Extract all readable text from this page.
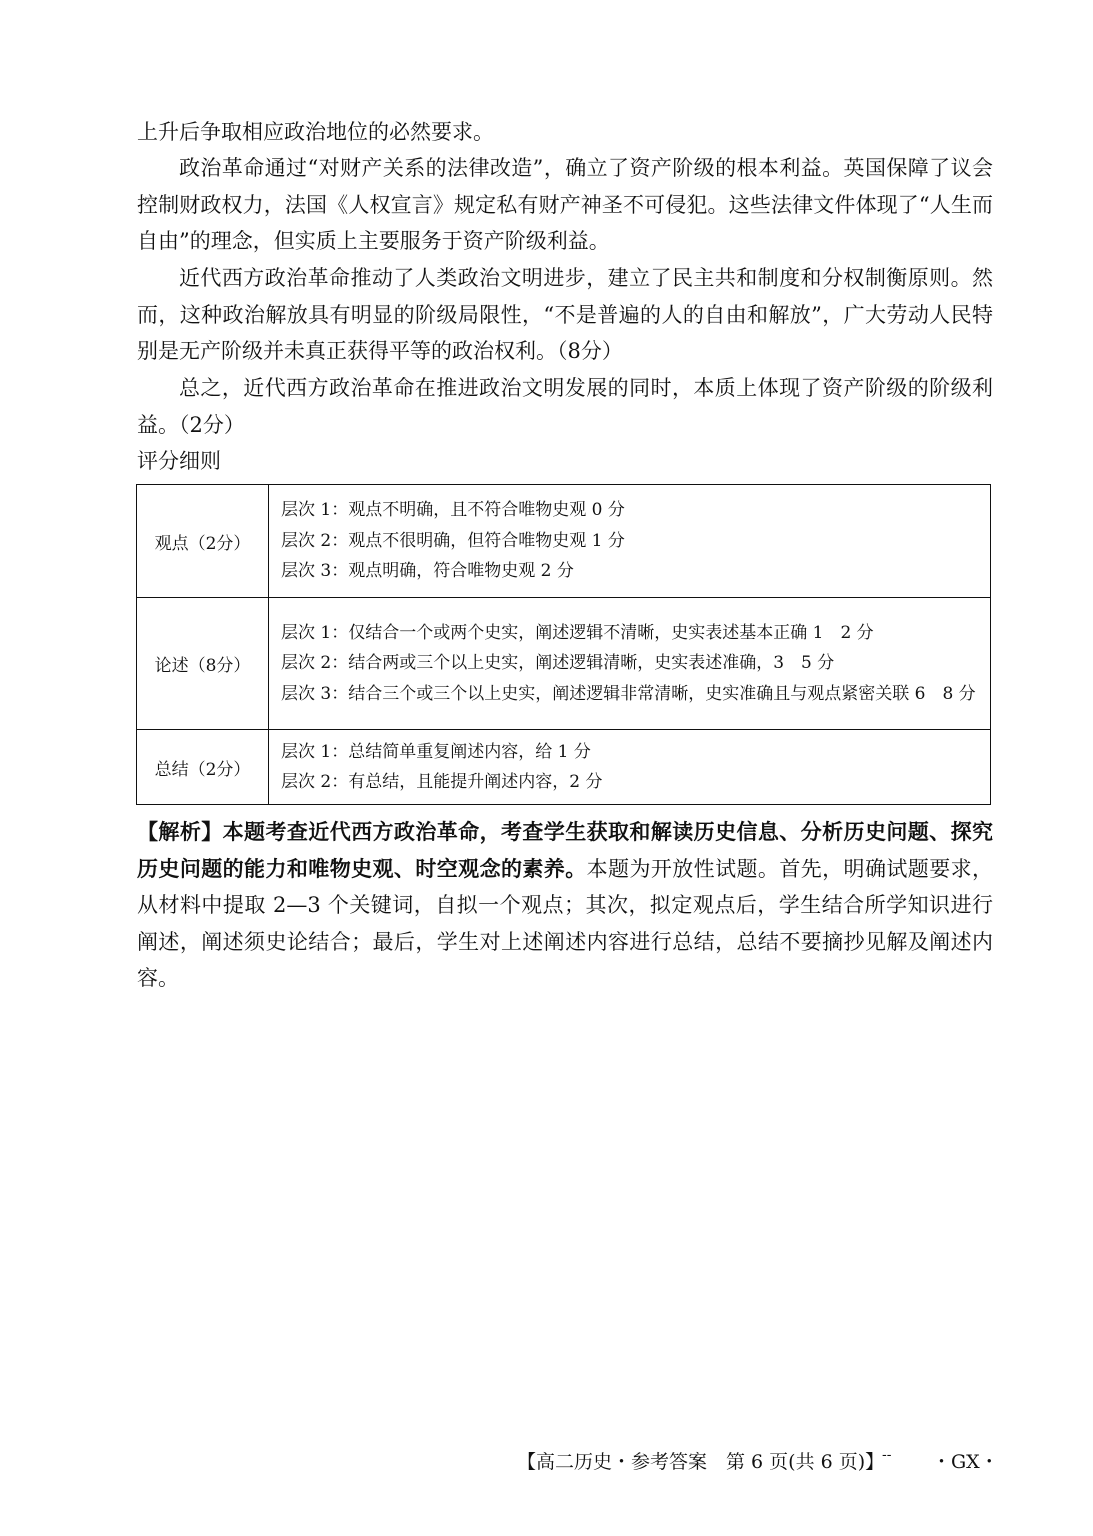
上升后争取相应政治地位的必然要求。

政治革命通过“对财产关系的法律改造”，确立了资产阶级的根本利益。英国保障了议会控制财政权力，法国《人权宣言》规定私有财产神圣不可侵犯。这些法律文件体现了“人生而自由”的理念，但实质上主要服务于资产阶级利益。

近代西方政治革命推动了人类政治文明进步，建立了民主共和制度和分权制衡原则。然而，这种政治解放具有明显的阶级局限性，“不是普遍的人的自由和解放”，广大劳动人民特别是无产阶级并未真正获得平等的政治权利。（8分）

总之，近代西方政治革命在推进政治文明发展的同时，本质上体现了资产阶级的阶级利益。（2分）

评分细则
观点（2分）	层次 1：观点不明确，且不符合唯物史观 0 分
层次 2：观点不很明确，但符合唯物史观 1 分
层次 3：观点明确，符合唯物史观 2 分

论述（8分）	层次 1：仅结合一个或两个史实，阐述逻辑不清晰，史实表述基本正确 1　2 分
层次 2：结合两或三个以上史实，阐述逻辑清晰，史实表述准确，3　5 分
层次 3：结合三个或三个以上史实，阐述逻辑非常清晰，史实准确且与观点紧密关联 6　8 分

总结（2分）	层次 1：总结简单重复阐述内容，给 1 分
层次 2：有总结，且能提升阐述内容，2 分

【解析】本题考查近代西方政治革命，考查学生获取和解读历史信息、分析历史问题、探究历史问题的能力和唯物史观、时空观念的素养。本题为开放性试题。首先，明确试题要求，从材料中提取 2—3 个关键词，自拟一个观点；其次，拟定观点后，学生结合所学知识进行阐述，阐述须史论结合；最后，学生对上述阐述内容进行总结，总结不要摘抄见解及阐述内容。

【高二历史・参考答案　第 6 页(共 6 页)】
-- ・GX・
